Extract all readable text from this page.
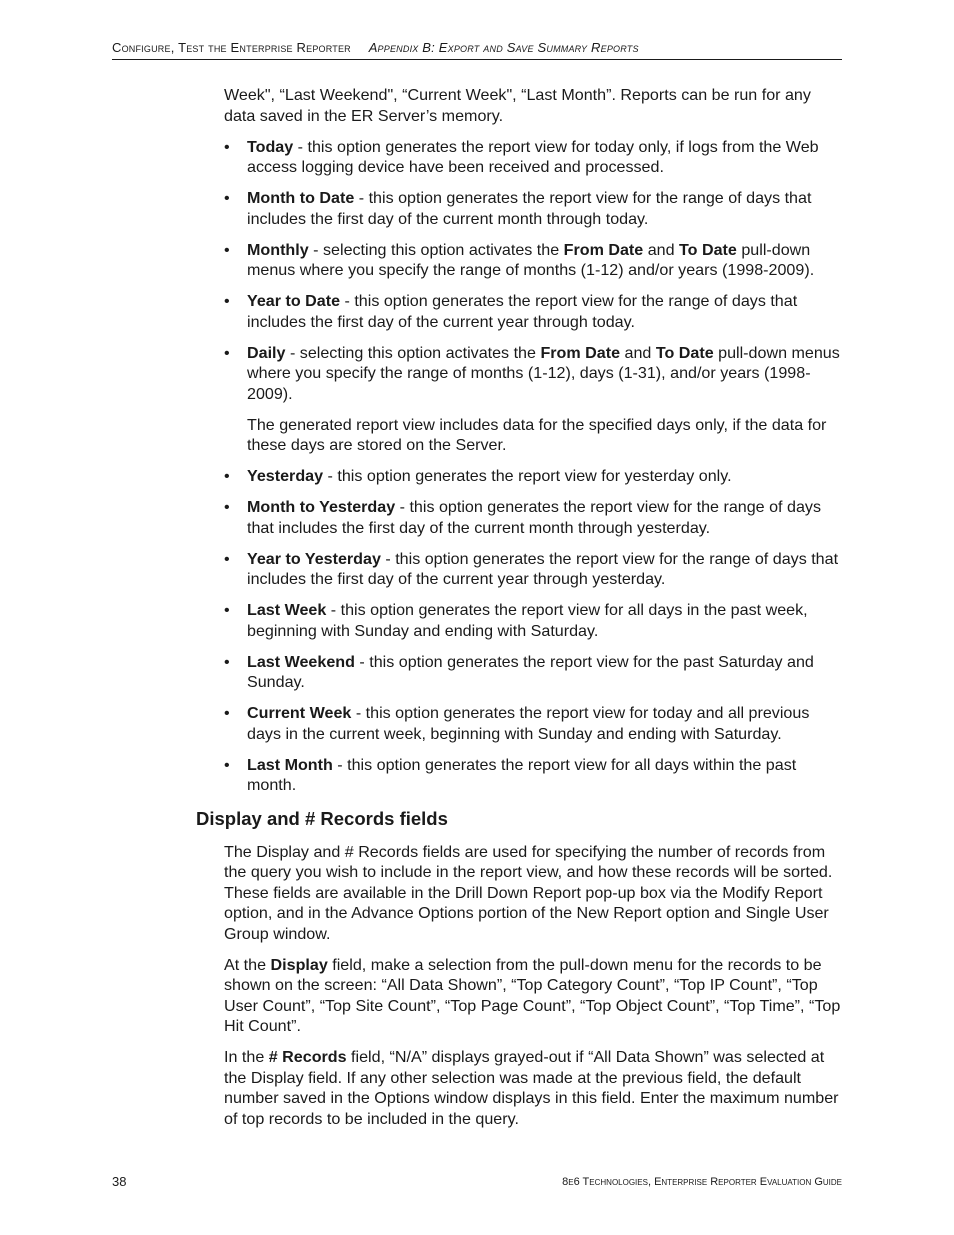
Configure, Test the Enterprise Reporter Appendix B: Export and Save Summary Reports

Week", “Last Weekend", “Current Week", “Last Month”. Reports can be run for any data saved in the ER Server’s memory.

• Today - this option generates the report view for today only, if logs from the Web access logging device have been received and processed.
• Month to Date - this option generates the report view for the range of days that includes the first day of the current month through today.
• Monthly - selecting this option activates the From Date and To Date pull-down menus where you specify the range of months (1-12) and/or years (1998-2009).
• Year to Date - this option generates the report view for the range of days that includes the first day of the current year through today.
• Daily - selecting this option activates the From Date and To Date pull-down menus where you specify the range of months (1-12), days (1-31), and/or years (1998-2009).

The generated report view includes data for the specified days only, if the data for these days are stored on the Server.

• Yesterday - this option generates the report view for yesterday only.
• Month to Yesterday - this option generates the report view for the range of days that includes the first day of the current month through yesterday.
• Year to Yesterday - this option generates the report view for the range of days that includes the first day of the current year through yesterday.
• Last Week - this option generates the report view for all days in the past week, beginning with Sunday and ending with Saturday.
• Last Weekend - this option generates the report view for the past Saturday and Sunday.
• Current Week - this option generates the report view for today and all previous days in the current week, beginning with Sunday and ending with Saturday.
• Last Month - this option generates the report view for all days within the past month.
Display and # Records fields

The Display and # Records fields are used for specifying the number of records from the query you wish to include in the report view, and how these records will be sorted. These fields are available in the Drill Down Report pop-up box via the Modify Report option, and in the Advance Options portion of the New Report option and Single User Group window.

At the Display field, make a selection from the pull-down menu for the records to be shown on the screen: “All Data Shown”, “Top Category Count”, “Top IP Count”, “Top User Count”, “Top Site Count”, “Top Page Count”, “Top Object Count”, “Top Time”, “Top Hit Count”.

In the # Records field, “N/A” displays grayed-out if “All Data Shown” was selected at the Display field. If any other selection was made at the previous field, the default number saved in the Options window displays in this field. Enter the maximum number of top records to be included in the query.

38	8e6 Technologies, Enterprise Reporter Evaluation Guide
